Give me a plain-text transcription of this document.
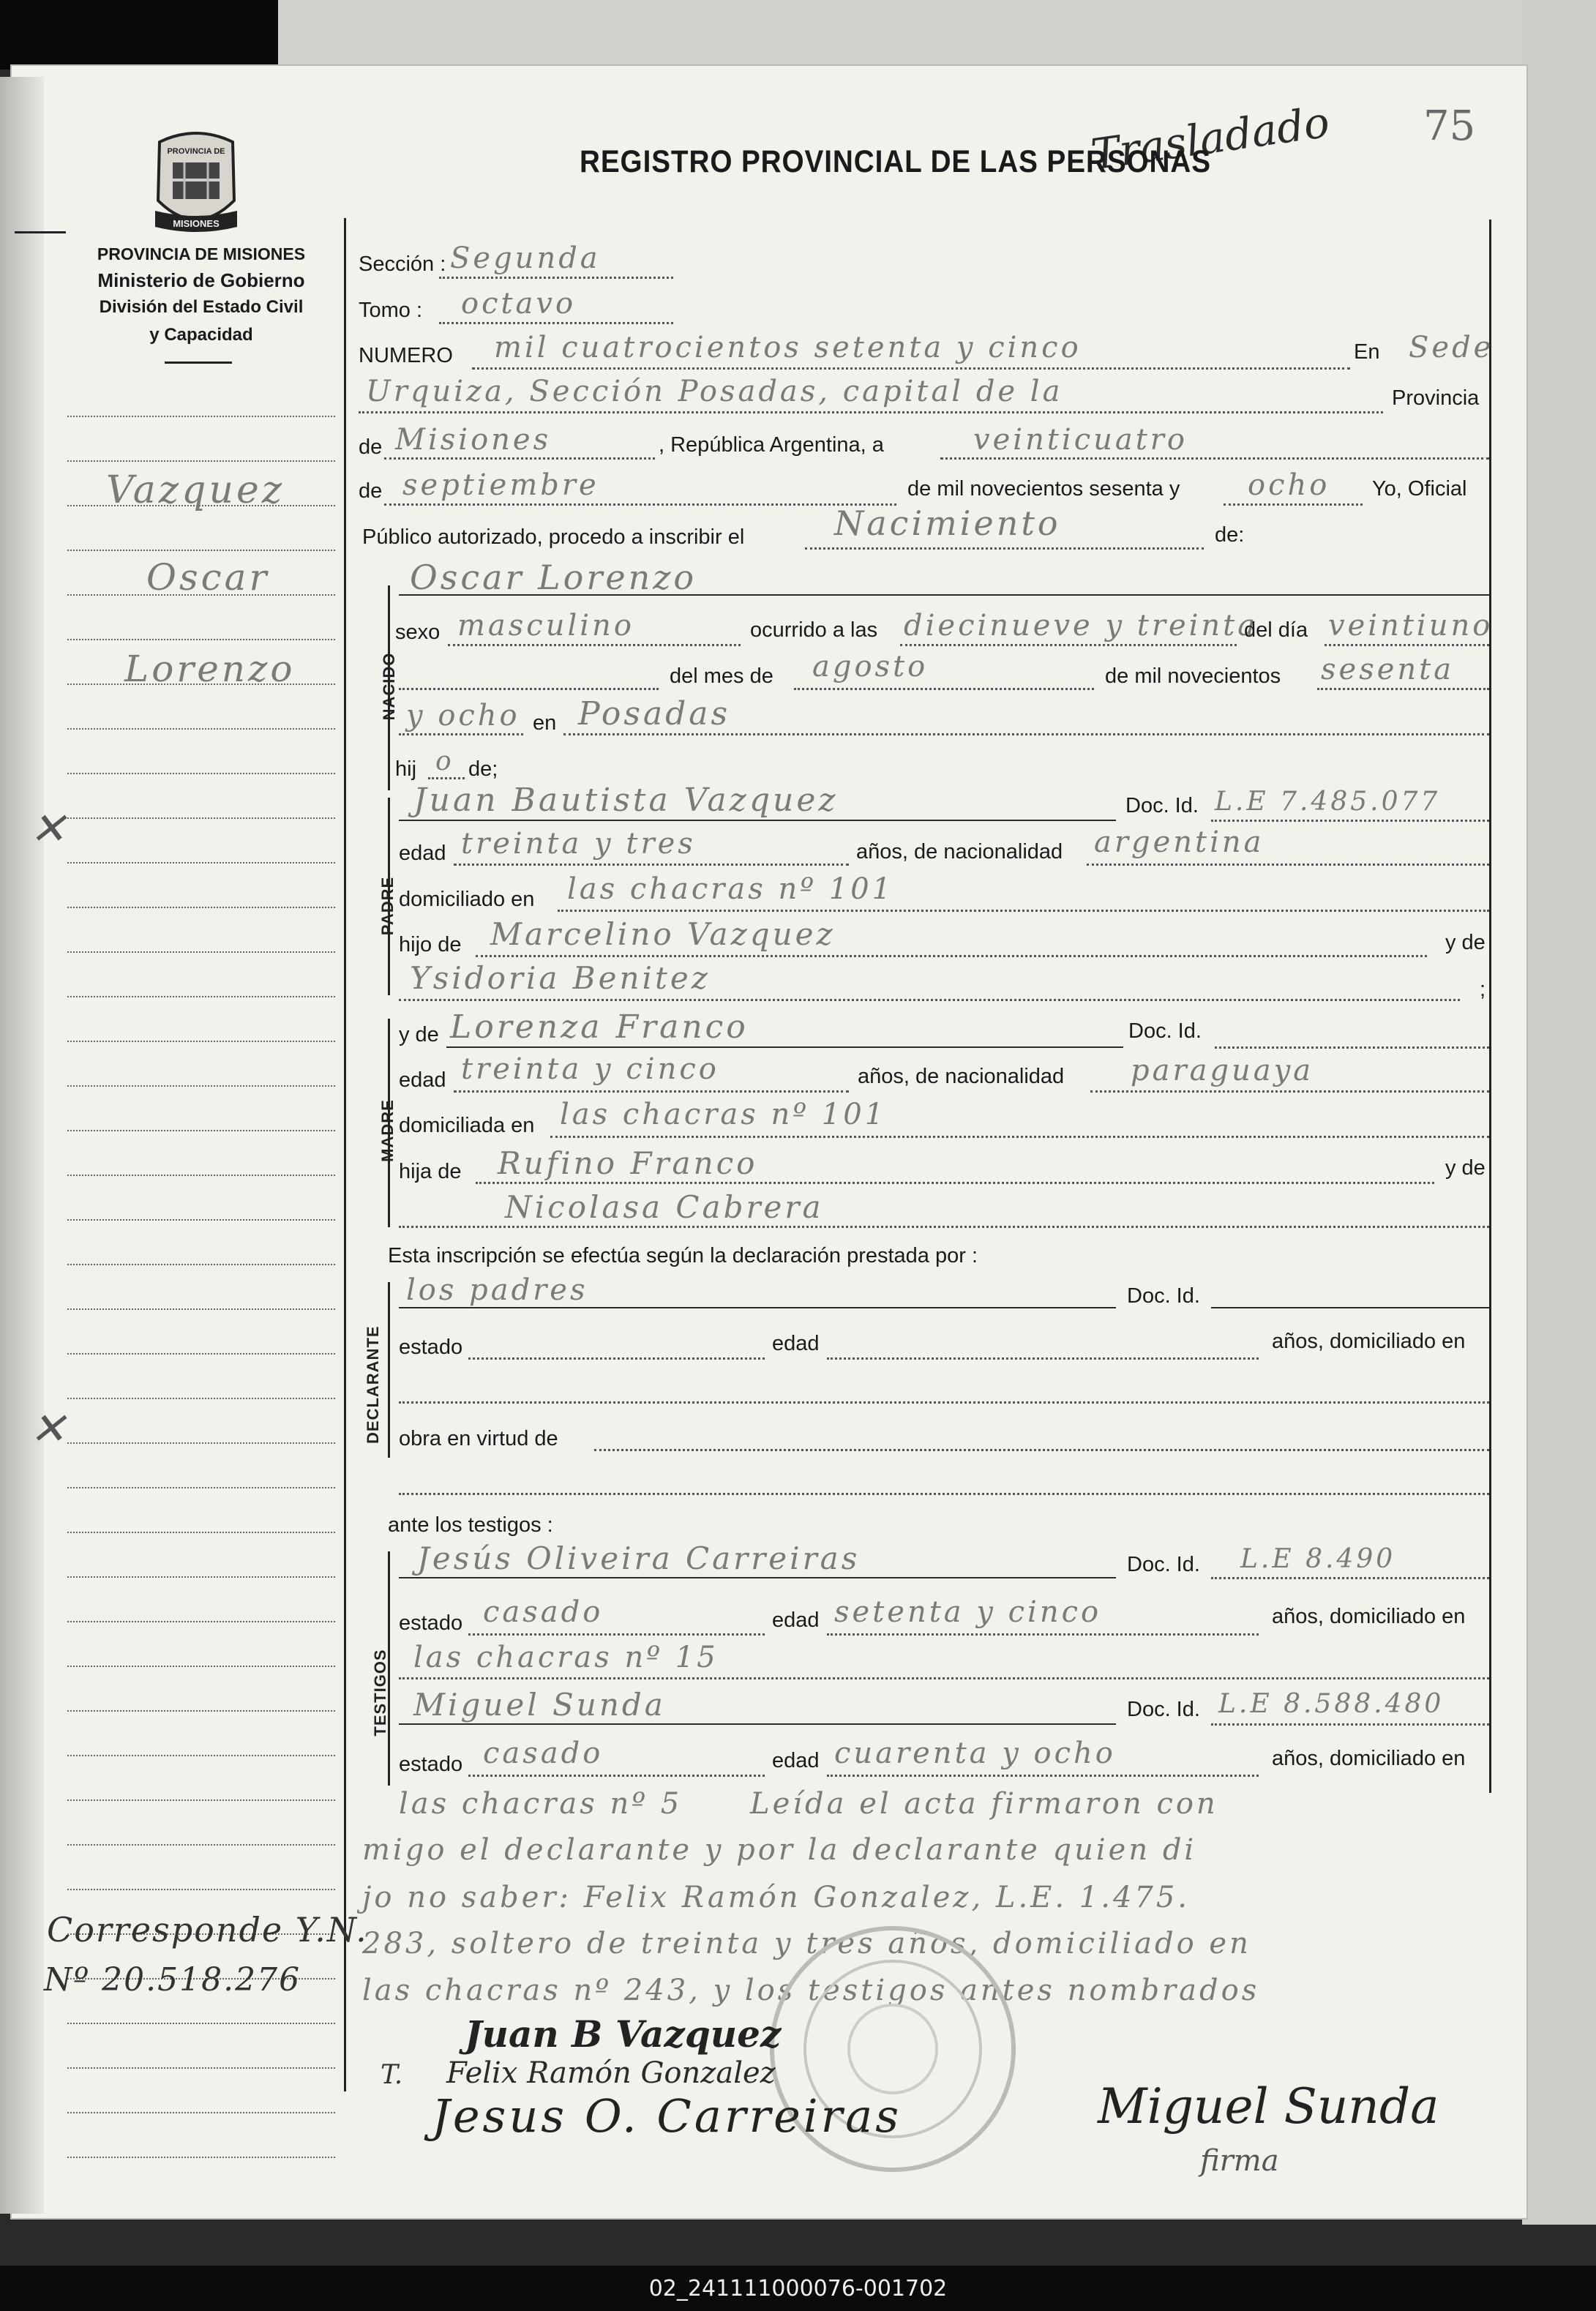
Trasladado 75
REGISTRO PROVINCIAL DE LAS PERSONAS
PROVINCIA DE
MISIONES
PROVINCIA DE MISIONES
Ministerio de Gobierno
División del Estado Civil
y Capacidad
Vazquez
Oscar
Lorenzo
Corresponde Y.N.
Nº 20.518.276
✕
✕
Sección : Segunda
Tomo : octavo
NUMERO mil cuatrocientos setenta y cinco	En Sede
Urquiza, Sección Posadas, capital de la	Provincia
de Misiones	, República Argentina, a	veinticuatro
de septiembre	de mil novecientos sesenta y ocho Yo, Oficial
Público autorizado, procedo a inscribir el	Nacimiento	de:
NACIDO
Oscar Lorenzo
sexo masculino	ocurrido a las diecinueve y treinta
del día veintiuno
del mes de agosto	de mil novecientos sesenta
y ocho en Posadas
hij o de;
PADRE
Juan Bautista Vazquez	Doc. Id. L.E 7.485.077
edad treinta y tres	años, de nacionalidad argentina
domiciliado en las chacras nº 101
hijo de Marcelino Vazquez	y de
Ysidoria Benitez	;
MADRE
y de Lorenza Franco	Doc. Id.
edad treinta y cinco	años, de nacionalidad paraguaya
domiciliada en las chacras nº 101
hija de Rufino Franco	y de
Nicolasa Cabrera
Esta inscripción se efectúa según la declaración prestada por :
DECLARANTE
los padres	Doc. Id.
estado	edad	años, domiciliado en
obra en virtud de
ante los testigos :
TESTIGOS
Jesús Oliveira Carreiras	Doc. Id. L.E 8.490
estado casado	edad setenta y cinco	años, domiciliado en
las chacras nº 15
Miguel Sunda	Doc. Id. L.E 8.588.480
estado casado	edad cuarenta y ocho	años, domiciliado en
las chacras nº 5 Leída el acta firmaron con
migo el declarante y por la declarante quien di
jo no saber: Felix Ramón Gonzalez, L.E. 1.475.
283, soltero de treinta y tres años, domiciliado en
las chacras nº 243, y los testigos antes nombrados
Juan B Vazquez
Felix Ramón Gonzalez
Jesus O. Carreiras	Miguel Sunda
firma
T.
02_241111000076-001702
